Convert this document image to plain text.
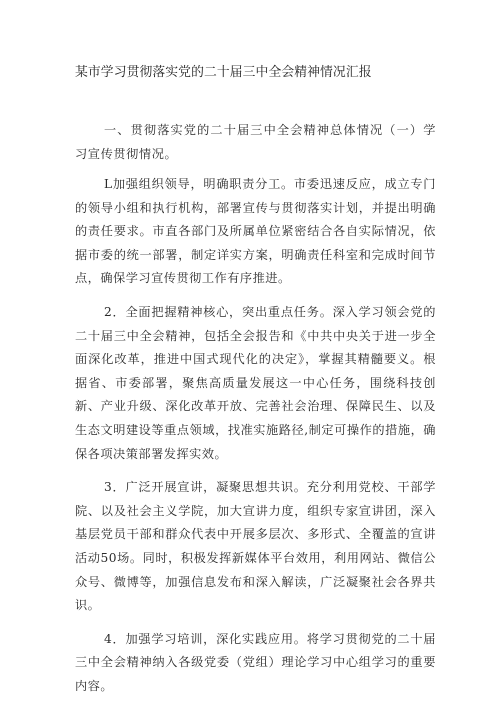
某市学习贯彻落实党的二十届三中全会精神情况汇报

一、贯彻落实党的二十届三中全会精神总体情况（一）学习宣传贯彻情况。

L加强组织领导，明确职责分工。市委迅速反应，成立专门的领导小组和执行机构，部署宣传与贯彻落实计划，并提出明确的责任要求。市直各部门及所属单位紧密结合各自实际情况，依据市委的统一部署，制定详实方案，明确责任科室和完成时间节点，确保学习宣传贯彻工作有序推进。

2．全面把握精神核心，突出重点任务。深入学习领会党的二十届三中全会精神，包括全会报告和《中共中央关于进一步全面深化改革，推进中国式现代化的决定》，掌握其精髓要义。根据省、市委部署，聚焦高质量发展这一中心任务，围绕科技创新、产业升级、深化改革开放、完善社会治理、保障民生、以及生态文明建设等重点领域，找准实施路径,制定可操作的措施，确保各项决策部署发挥实效。

3．广泛开展宣讲，凝聚思想共识。充分利用党校、干部学院、以及社会主义学院，加大宣讲力度，组织专家宣讲团，深入基层党员干部和群众代表中开展多层次、多形式、全覆盖的宣讲活动50场。同时，积极发挥新媒体平台效用，利用网站、微信公众号、微博等，加强信息发布和深入解读，广泛凝聚社会各界共识。

4．加强学习培训，深化实践应用。将学习贯彻党的二十届三中全会精神纳入各级党委（党组）理论学习中心组学习的重要内容。
